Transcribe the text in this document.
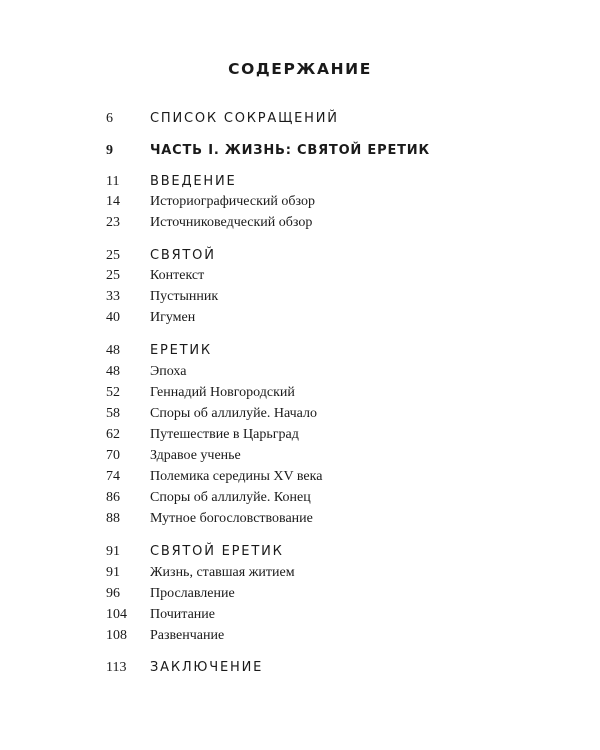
СОДЕРЖАНИЕ
6	СПИСОК СОКРАЩЕНИЙ
9	ЧАСТЬ I. ЖИЗНЬ: СВЯТОЙ ЕРЕТИК
11 ВВЕДЕНИЕ
14 Историографический обзор
23 Источниковедческий обзор
25 СВЯТОЙ
25 Контекст
33 Пустынник
40 Игумен
48 ЕРЕТИК
48 Эпоха
52 Геннадий Новгородский
58 Споры об аллилуйе. Начало
62 Путешествие в Царьград
70 Здравое ученье
74 Полемика середины XV века
86 Споры об аллилуйе. Конец
88 Мутное богословствование
91 СВЯТОЙ ЕРЕТИК
91 Жизнь, ставшая житием
96 Прославление
104 Почитание
108 Развенчание
113 ЗАКЛЮЧЕНИЕ
